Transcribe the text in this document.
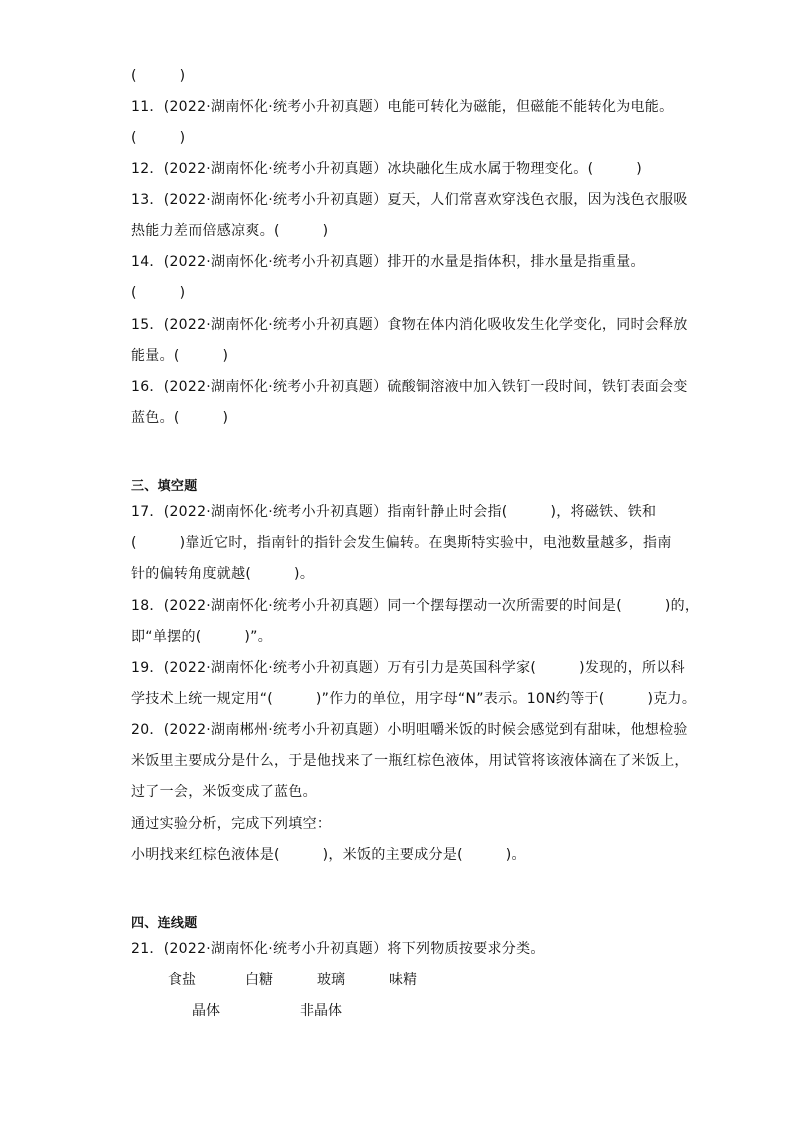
(　　　)
11．(2022·湖南怀化·统考小升初真题）电能可转化为磁能，但磁能不能转化为电能。
(　　　)
12．(2022·湖南怀化·统考小升初真题）冰块融化生成水属于物理变化。(　　　)
13．(2022·湖南怀化·统考小升初真题）夏天，人们常喜欢穿浅色衣服，因为浅色衣服吸
热能力差而倍感凉爽。(　　　)
14．(2022·湖南怀化·统考小升初真题）排开的水量是指体积，排水量是指重量。
(　　　)
15．(2022·湖南怀化·统考小升初真题）食物在体内消化吸收发生化学变化，同时会释放
能量。(　　　)
16．(2022·湖南怀化·统考小升初真题）硫酸铜溶液中加入铁钉一段时间，铁钉表面会变
蓝色。(　　　)
三、填空题
17．(2022·湖南怀化·统考小升初真题）指南针静止时会指(　　　)，将磁铁、铁和
(　　　)靠近它时，指南针的指针会发生偏转。在奥斯特实验中，电池数量越多，指南
针的偏转角度就越(　　　)。
18．(2022·湖南怀化·统考小升初真题）同一个摆每摆动一次所需要的时间是(　　　)的，
即“单摆的(　　　)”。
19．(2022·湖南怀化·统考小升初真题）万有引力是英国科学家(　　　)发现的，所以科
学技术上统一规定用“(　　　)”作力的单位，用字母“N”表示。10N约等于(　　　)克力。
20．(2022·湖南郴州·统考小升初真题）小明咀嚼米饭的时候会感觉到有甜味，他想检验
米饭里主要成分是什么，于是他找来了一瓶红棕色液体，用试管将该液体滴在了米饭上，
过了一会，米饭变成了蓝色。
通过实验分析，完成下列填空：
小明找来红棕色液体是(　　　)，米饭的主要成分是(　　　)。
四、连线题
21．(2022·湖南怀化·统考小升初真题）将下列物质按要求分类。
食盐	白糖	玻璃	味精
晶体	非晶体
